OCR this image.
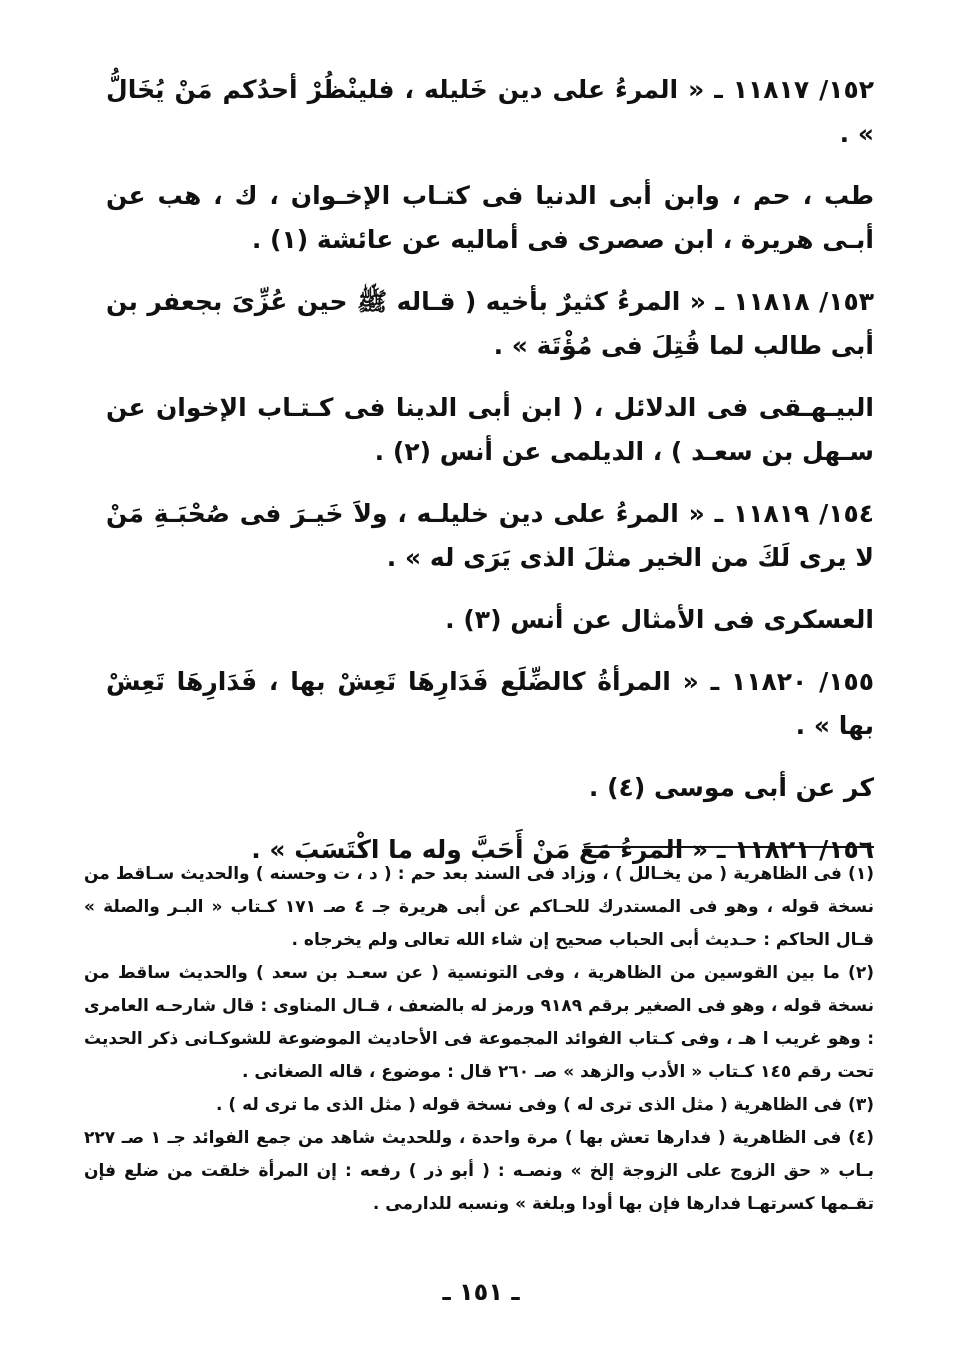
١٥٢/ ١١٨١٧ ـ « المرءُ على دين خَليله ، فلينْظُرْ أحدُكم مَنْ يُخَالُّ » .

طب ، حم ، وابن أبى الدنيا فى كتـاب الإخـوان ، ك ، هب عن أبـى هريرة ، ابن صصرى فى أماليه عن عائشة (١) .

١٥٣/ ١١٨١٨ ـ « المرءُ كثيرٌ بأخيه ( قـاله ﷺ حين عُزِّىَ بجعفر بن أبى طالب لما قُتِلَ فى مُؤْتَة » .

البيـهـقى فى الدلائل ، ( ابن أبى الدينا فى كـتـاب الإخوان عن سـهل بن سعـد ) ، الديلمى عن أنس (٢) .

١٥٤/ ١١٨١٩ ـ « المرءُ على دين خليلـه ، ولاَ خَيـرَ فى صُحْبَـةِ مَنْ لا يرى لَكَ من الخير مثلَ الذى يَرَى له » .

العسكرى فى الأمثال عن أنس (٣) .

١٥٥/ ١١٨٢٠ ـ « المرأةُ كالضِّلَع فَدَارِهَا تَعِشْ بها ، فَدَارِهَا تَعِشْ بها » .

كر عن أبى موسى (٤) .

١٥٦/ ١١٨٢١ ـ « المرءُ مَعَ مَنْ أَحَبَّ وله ما اكْتَسَبَ » .

(١) فى الظاهرية ( من يخـالل ) ، وزاد فى السند بعد حم : ( د ، ت وحسنه ) والحديث سـاقط من نسخة قوله ، وهو فى المستدرك للحـاكم عن أبى هريرة جـ ٤ صـ ١٧١ كـتاب « البـر والصلة » قـال الحاكم : حـديث أبى الحباب صحيح إن شاء الله تعالى ولم يخرجاه .

(٢) ما بين القوسين من الظاهرية ، وفى التونسية ( عن سعـد بن سعد ) والحديث ساقط من نسخة قوله ، وهو فى الصغير برقم ٩١٨٩ ورمز له بالضعف ، قـال المناوى : قال شارحـه العامرى : وهو غريب ا هـ ، وفى كـتاب الفوائد المجموعة فى الأحاديث الموضوعة للشوكـانى ذكر الحديث تحت رقم ١٤٥ كـتاب « الأدب والزهد » صـ ٢٦٠ قال : موضوع ، قاله الصغانى .

(٣) فى الظاهرية ( مثل الذى ترى له ) وفى نسخة قوله ( مثل الذى ما ترى له ) .

(٤) فى الظاهرية ( فدارها تعش بها ) مرة واحدة ، وللحديث شاهد من جمع الفوائد جـ ١ صـ ٢٢٧ بـاب « حق الزوج على الزوجة إلخ » ونصـه : ( أبو ذر ) رفعه : إن المرأة خلقت من ضلع فإن تقـمها كسرتهـا فدارها فإن بها أودا وبلغة » ونسبه للدارمى .

ـ ١٥١ ـ
